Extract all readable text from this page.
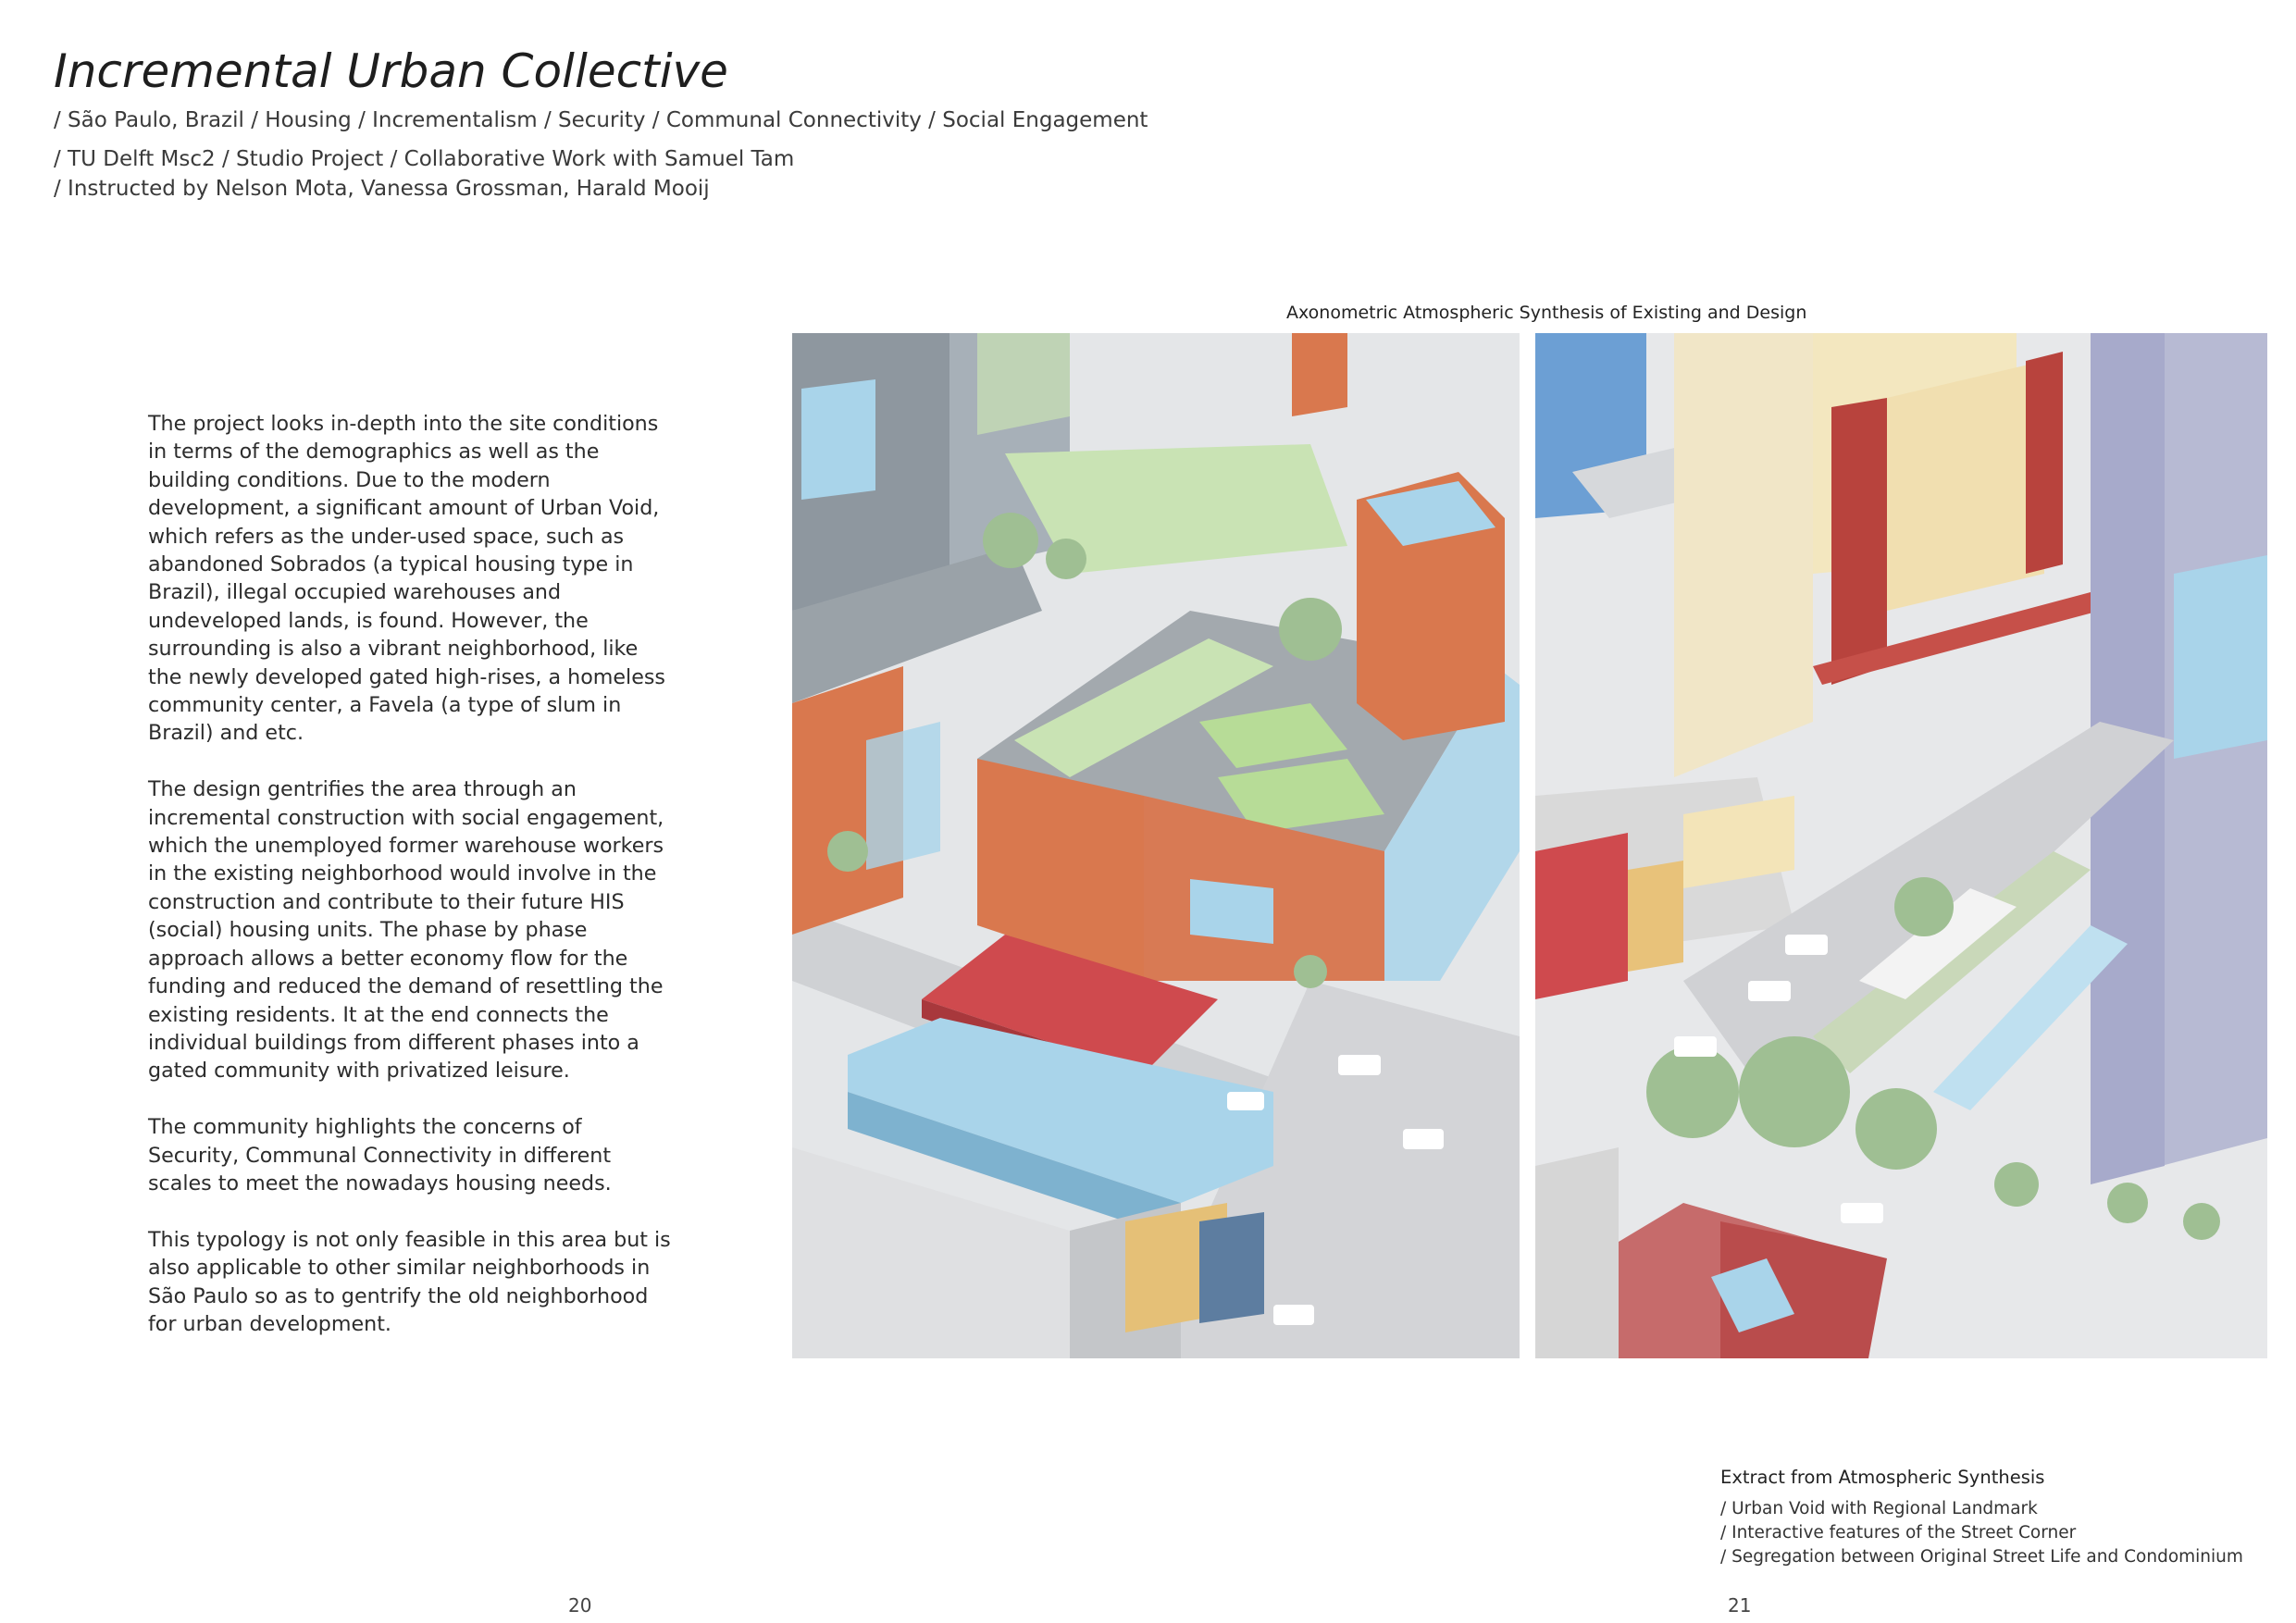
Incremental Urban Collective
/ São Paulo, Brazil / Housing / Incrementalism / Security / Communal Connectivity / Social Engagement
/ TU Delft Msc2 / Studio Project / Collaborative Work with Samuel Tam
/ Instructed by Nelson Mota, Vanessa Grossman, Harald Mooij

The project looks in-depth into the site conditions in terms of the demographics as well as the building conditions. Due to the modern development, a significant amount of Urban Void, which refers as the under-used space, such as abandoned Sobrados (a typical housing type in Brazil), illegal occupied warehouses and undeveloped lands, is found. However, the surrounding is also a vibrant neighborhood, like the newly developed gated high-rises, a homeless community center, a Favela (a type of slum in Brazil) and etc.

The design gentrifies the area through an incremental construction with social engagement, which the unemployed former warehouse workers in the existing neighborhood would involve in the construction and contribute to their future HIS (social) housing units. The phase by phase approach allows a better economy flow for the funding and reduced the demand of resettling the existing residents. It at the end connects the individual buildings from different phases into a gated community with privatized leisure.

The community highlights the concerns of Security, Communal Connectivity in different scales to meet the nowadays housing needs.

This typology is not only feasible in this area but is also applicable to other similar neighborhoods in São Paulo so as to gentrify the old neighborhood for urban development.

Axonometric Atmospheric Synthesis of Existing and Design
Extract from Atmospheric Synthesis
/ Urban Void with Regional Landmark
/ Interactive features of the Street Corner
/ Segregation between Original Street Life and Condominium
20	21
